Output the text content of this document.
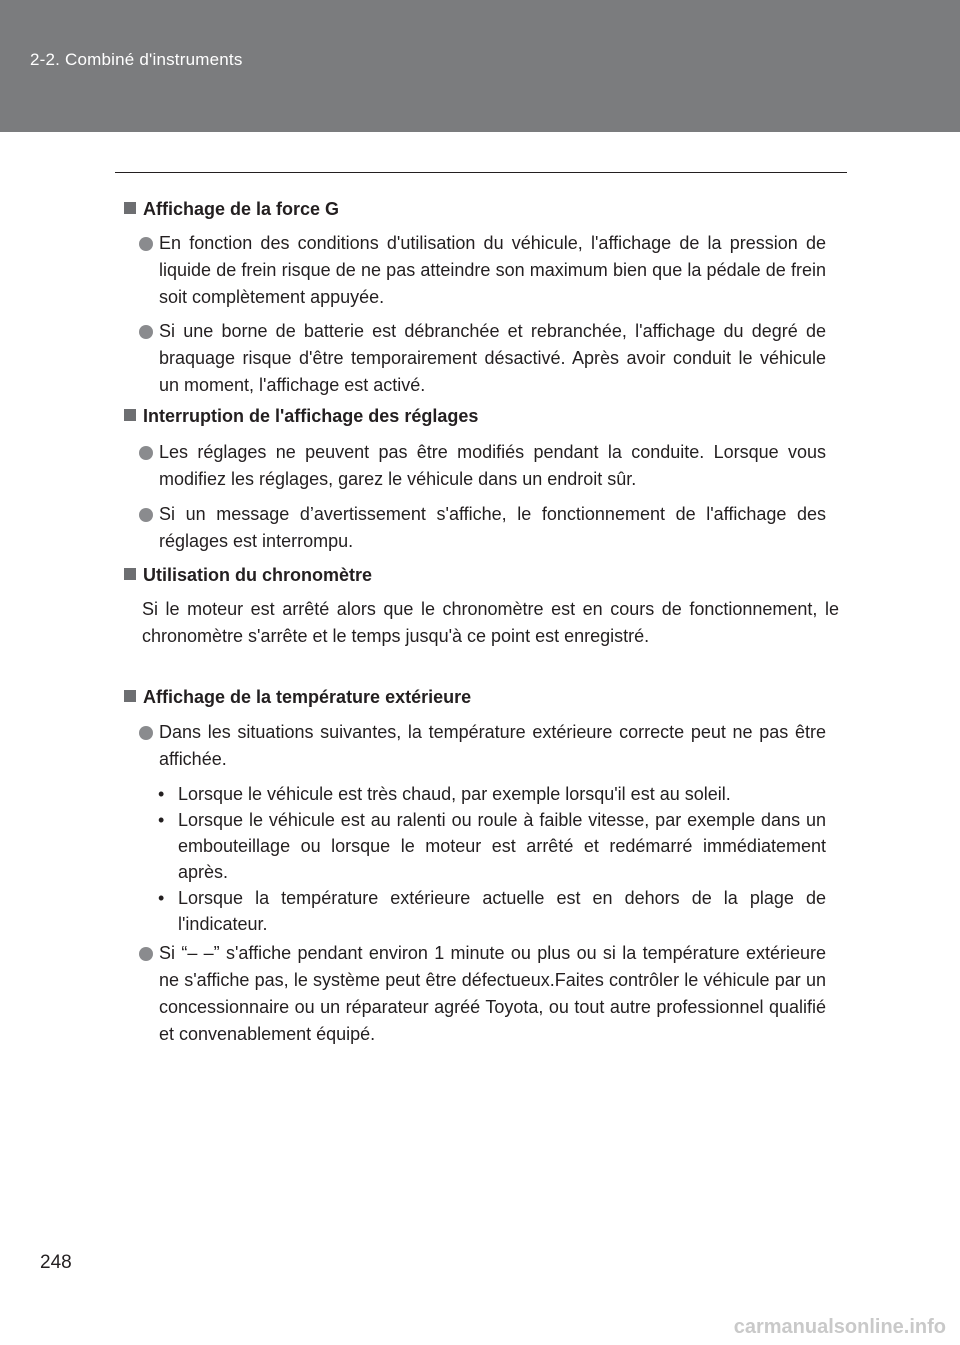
2-2. Combiné d'instruments
Affichage de la force G
En fonction des conditions d'utilisation du véhicule, l'affichage de la pression de liquide de frein risque de ne pas atteindre son maximum bien que la pédale de frein soit complètement appuyée.
Si une borne de batterie est débranchée et rebranchée, l'affichage du degré de braquage risque d'être temporairement désactivé. Après avoir conduit le véhicule un moment, l'affichage est activé.
Interruption de l'affichage des réglages
Les réglages ne peuvent pas être modifiés pendant la conduite. Lorsque vous modifiez les réglages, garez le véhicule dans un endroit sûr.
Si un message d’avertissement s'affiche, le fonctionnement de l'affichage des réglages est interrompu.
Utilisation du chronomètre
Si le moteur est arrêté alors que le chronomètre est en cours de fonctionnement, le chronomètre s'arrête et le temps jusqu'à ce point est enregistré.
Affichage de la température extérieure
Dans les situations suivantes, la température extérieure correcte peut ne pas être affichée.
• Lorsque le véhicule est très chaud, par exemple lorsqu'il est au soleil.
• Lorsque le véhicule est au ralenti ou roule à faible vitesse, par exemple dans un embouteillage ou lorsque le moteur est arrêté et redémarré immédiatement après.
• Lorsque la température extérieure actuelle est en dehors de la plage de l'indicateur.
Si “– –” s'affiche pendant environ 1 minute ou plus ou si la température extérieure ne s'affiche pas, le système peut être défectueux.Faites contrôler le véhicule par un concessionnaire ou un réparateur agréé Toyota, ou tout autre professionnel qualifié et convenablement équipé.
248
carmanualsonline.info
